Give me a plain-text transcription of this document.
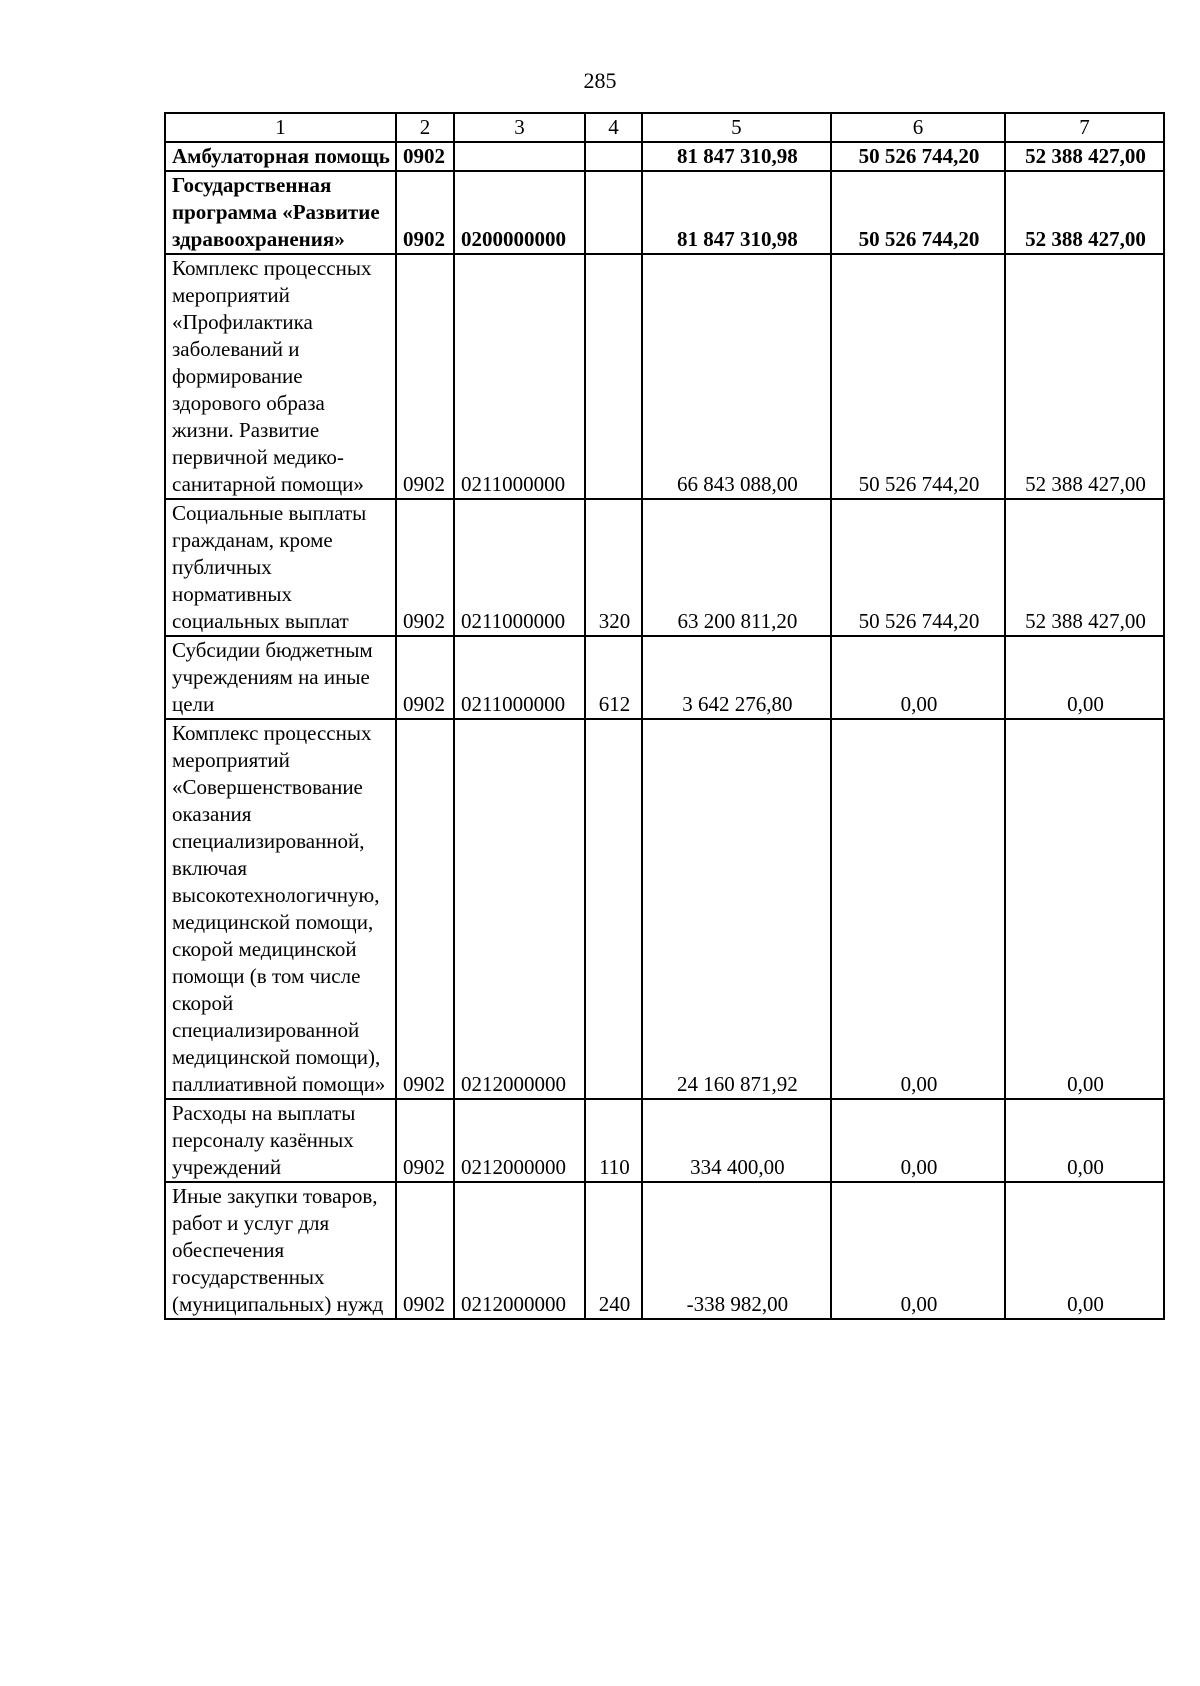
285
1	2	3	4	5	6	7
Амбулаторная помощь	0902			81 847 310,98	50 526 744,20	52 388 427,00
Государственная программа «Развитие здравоохранения»	0902	0200000000		81 847 310,98	50 526 744,20	52 388 427,00
Комплекс процессных мероприятий «Профилактика заболеваний и формирование здорового образа жизни. Развитие первичной медико-санитарной помощи»	0902	0211000000		66 843 088,00	50 526 744,20	52 388 427,00
Социальные выплаты гражданам, кроме публичных нормативных социальных выплат	0902	0211000000	320	63 200 811,20	50 526 744,20	52 388 427,00
Субсидии бюджетным учреждениям на иные цели	0902	0211000000	612	3 642 276,80	0,00	0,00
Комплекс процессных мероприятий «Совершенствование оказания специализированной, включая высокотехнологичную, медицинской помощи, скорой медицинской помощи (в том числе скорой специализированной медицинской помощи), паллиативной помощи»	0902	0212000000		24 160 871,92	0,00	0,00
Расходы на выплаты персоналу казённых учреждений	0902	0212000000	110	334 400,00	0,00	0,00
Иные закупки товаров, работ и услуг для обеспечения государственных (муниципальных) нужд	0902	0212000000	240	-338 982,00	0,00	0,00
